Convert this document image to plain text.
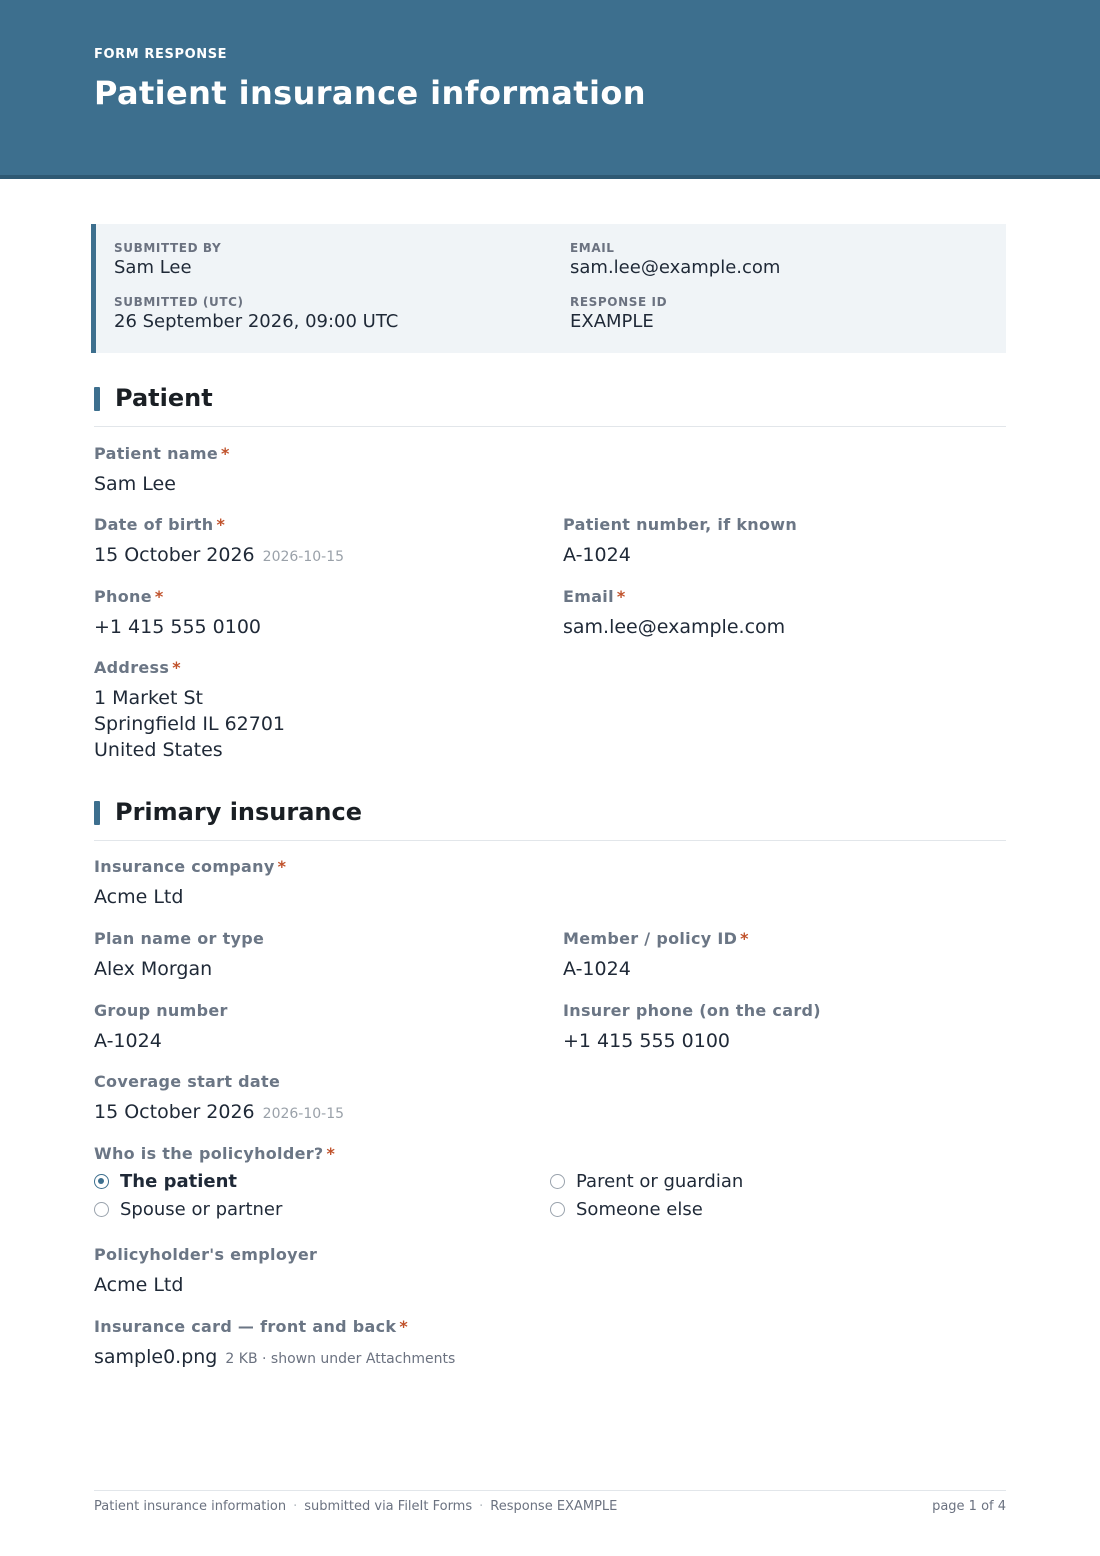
FORM RESPONSE
Patient insurance information
SUBMITTED BY
Sam Lee
EMAIL
sam.lee@example.com
SUBMITTED (UTC)
26 September 2026, 09:00 UTC
RESPONSE ID
EXAMPLE
Patient
Patient name *
Sam Lee
Date of birth *
15 October 2026 2026-10-15
Patient number, if known
A-1024
Phone *
+1 415 555 0100
Email *
sam.lee@example.com
Address *
1 Market St
Springfield IL 62701
United States
Primary insurance
Insurance company *
Acme Ltd
Plan name or type
Alex Morgan
Member / policy ID *
A-1024
Group number
A-1024
Insurer phone (on the card)
+1 415 555 0100
Coverage start date
15 October 2026 2026-10-15
Who is the policyholder? *
The patient	Parent or guardian
Spouse or partner	Someone else
Policyholder's employer
Acme Ltd
Insurance card — front and back *
sample0.png 2 KB · shown under Attachments
Patient insurance information · submitted via FileIt Forms · Response EXAMPLE	page 1 of 4
